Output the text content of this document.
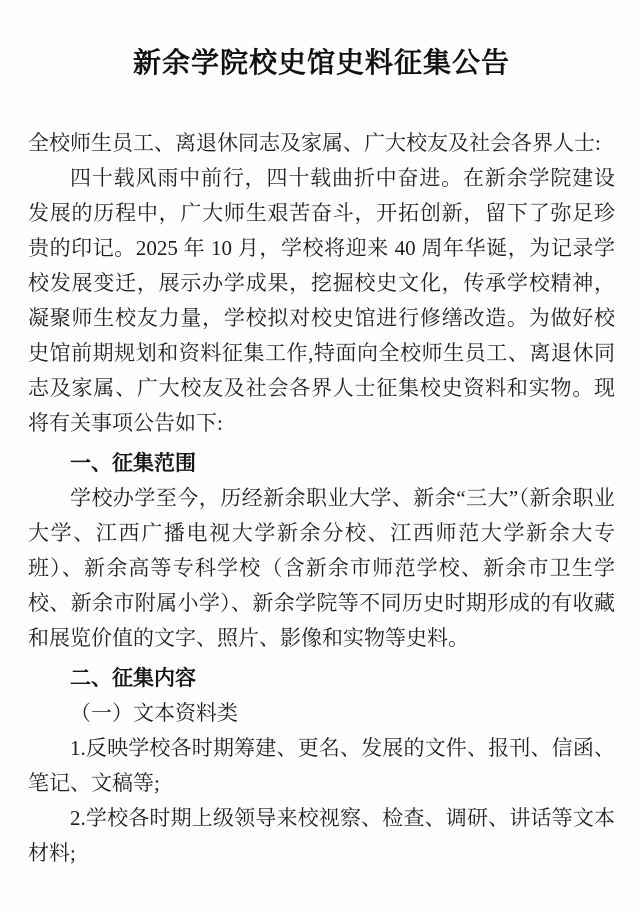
新余学院校史馆史料征集公告

全校师生员工、离退休同志及家属、广大校友及社会各界人士:

四十载风雨中前行，四十载曲折中奋进。在新余学院建设发展的历程中，广大师生艰苦奋斗，开拓创新，留下了弥足珍贵的印记。2025 年 10 月，学校将迎来 40 周年华诞，为记录学校发展变迁，展示办学成果，挖掘校史文化，传承学校精神，凝聚师生校友力量，学校拟对校史馆进行修缮改造。为做好校史馆前期规划和资料征集工作,特面向全校师生员工、离退休同志及家属、广大校友及社会各界人士征集校史资料和实物。现将有关事项公告如下:

一、征集范围

学校办学至今，历经新余职业大学、新余“三大”（新余职业大学、江西广播电视大学新余分校、江西师范大学新余大专班）、新余高等专科学校（含新余市师范学校、新余市卫生学校、新余市附属小学）、新余学院等不同历史时期形成的有收藏和展览价值的文字、照片、影像和实物等史料。

二、征集内容
（一）文本资料类

1.反映学校各时期筹建、更名、发展的文件、报刊、信函、笔记、文稿等;

2.学校各时期上级领导来校视察、检查、调研、讲话等文本材料;
